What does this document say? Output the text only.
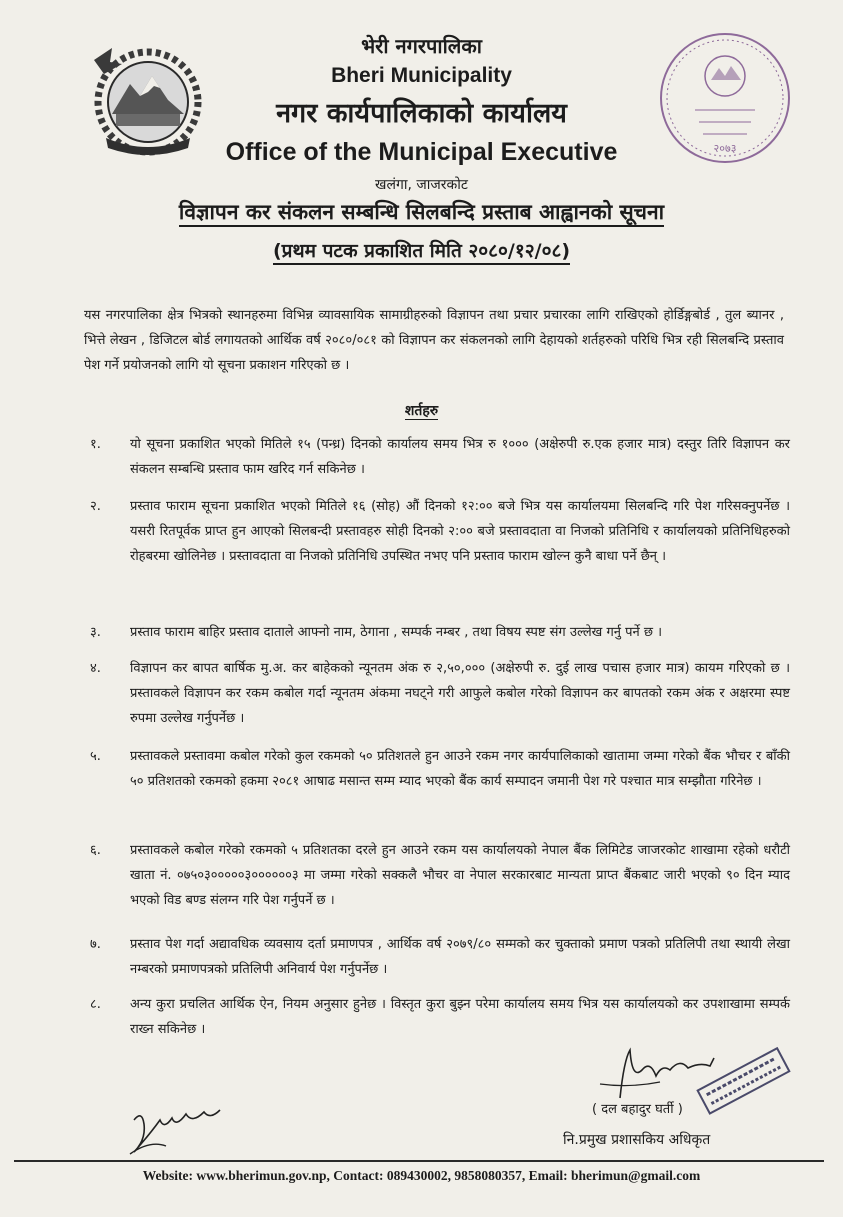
२०७३
भेरी नगरपालिका
Bheri Municipality
नगर कार्यपालिकाको कार्यालय
Office of the Municipal Executive
खलंगा, जाजरकोट
विज्ञापन कर संकलन सम्बन्धि सिलबन्दि प्रस्ताब आह्वानको सूचना
(प्रथम पटक प्रकाशित मिति २०८०/१२/०८)

यस नगरपालिका क्षेत्र भित्रको स्थानहरुमा विभिन्न व्यावसायिक सामाग्रीहरुको विज्ञापन तथा प्रचार प्रचारका लागि राखिएको होर्डिङ्गबोर्ड , तुल ब्यानर , भित्ते लेखन , डिजिटल बोर्ड लगायतको आर्थिक वर्ष २०८०/०८१ को विज्ञापन कर संकलनको लागि देहायको शर्तहरुको परिधि भित्र रही सिलबन्दि प्रस्ताव पेश गर्ने प्रयोजनको लागि यो सूचना प्रकाशन गरिएको छ ।

शर्तहरु
१.	यो सूचना प्रकाशित भएको मितिले १५ (पन्ध्र) दिनको कार्यालय समय भित्र रु १००० (अक्षेरुपी रु.एक हजार मात्र) दस्तुर तिरि विज्ञापन कर संकलन सम्बन्धि प्रस्ताव फाम खरिद गर्न सकिनेछ ।
२.	प्रस्ताव फाराम सूचना प्रकाशित भएको मितिले १६ (सोह) औं दिनको १२:०० बजे भित्र यस कार्यालयमा सिलबन्दि गरि पेश गरिसक्नुपर्नेछ । यसरी रितपूर्वक प्राप्त हुन आएको सिलबन्दी प्रस्तावहरु सोही दिनको २:०० बजे प्रस्तावदाता वा निजको प्रतिनिधि र कार्यालयको प्रतिनिधिहरुको रोहबरमा खोलिनेछ । प्रस्तावदाता वा निजको प्रतिनिधि उपस्थित नभए पनि प्रस्ताव फाराम खोल्न कुनै बाधा पर्ने छैन् ।
३.	प्रस्ताव फाराम बाहिर प्रस्ताव दाताले आफ्नो नाम, ठेगाना , सम्पर्क नम्बर , तथा विषय स्पष्ट संग उल्लेख गर्नु पर्ने छ ।
४.	विज्ञापन कर बापत बार्षिक मु.अ. कर बाहेकको न्यूनतम अंक रु २,५०,००० (अक्षेरुपी रु. दुई लाख पचास हजार मात्र) कायम गरिएको छ । प्रस्तावकले विज्ञापन कर रकम कबोल गर्दा न्यूनतम अंकमा नघट्ने गरी आफुले कबोल गरेको विज्ञापन कर बापतको रकम अंक र अक्षरमा स्पष्ट रुपमा उल्लेख गर्नुपर्नेछ ।
५.	प्रस्तावकले प्रस्तावमा कबोल गरेको कुल रकमको ५० प्रतिशतले हुन आउने रकम नगर कार्यपालिकाको खातामा जम्मा गरेको बैंक भौचर र बाँकी ५० प्रतिशतको रकमको हकमा २०८१ आषाढ मसान्त सम्म म्याद भएको बैंक कार्य सम्पादन जमानी पेश गरे पश्चात मात्र सम्झौता गरिनेछ ।
६.	प्रस्तावकले कबोल गरेको रकमको ५ प्रतिशतका दरले हुन आउने रकम यस कार्यालयको नेपाल बैंक लिमिटेड जाजरकोट शाखामा रहेको धरौटी खाता नं. ०७५०३०००००३००००००३ मा जम्मा गरेको सक्कलै भौचर वा नेपाल सरकारबाट मान्यता प्राप्त बैंकबाट जारी भएको ९० दिन म्याद भएको विड बण्ड संलग्न गरि पेश गर्नुपर्ने छ ।
७.	प्रस्ताव पेश गर्दा अद्यावधिक व्यवसाय दर्ता प्रमाणपत्र , आर्थिक वर्ष २०७९/८० सम्मको कर चुक्ताको प्रमाण पत्रको प्रतिलिपी तथा स्थायी लेखा नम्बरको प्रमाणपत्रको प्रतिलिपी अनिवार्य पेश गर्नुपर्नेछ ।
८.	अन्य कुरा प्रचलित आर्थिक ऐन, नियम अनुसार हुनेछ । विस्तृत कुरा बुझ्न परेमा कार्यालय समय भित्र यस कार्यालयको कर उपशाखामा सम्पर्क राख्न सकिनेछ ।
( दल बहादुर घर्ती )
नि.प्रमुख प्रशासकिय अधिकृत
Website: www.bherimun.gov.np, Contact: 089430002, 9858080357, Email: bherimun@gmail.com
